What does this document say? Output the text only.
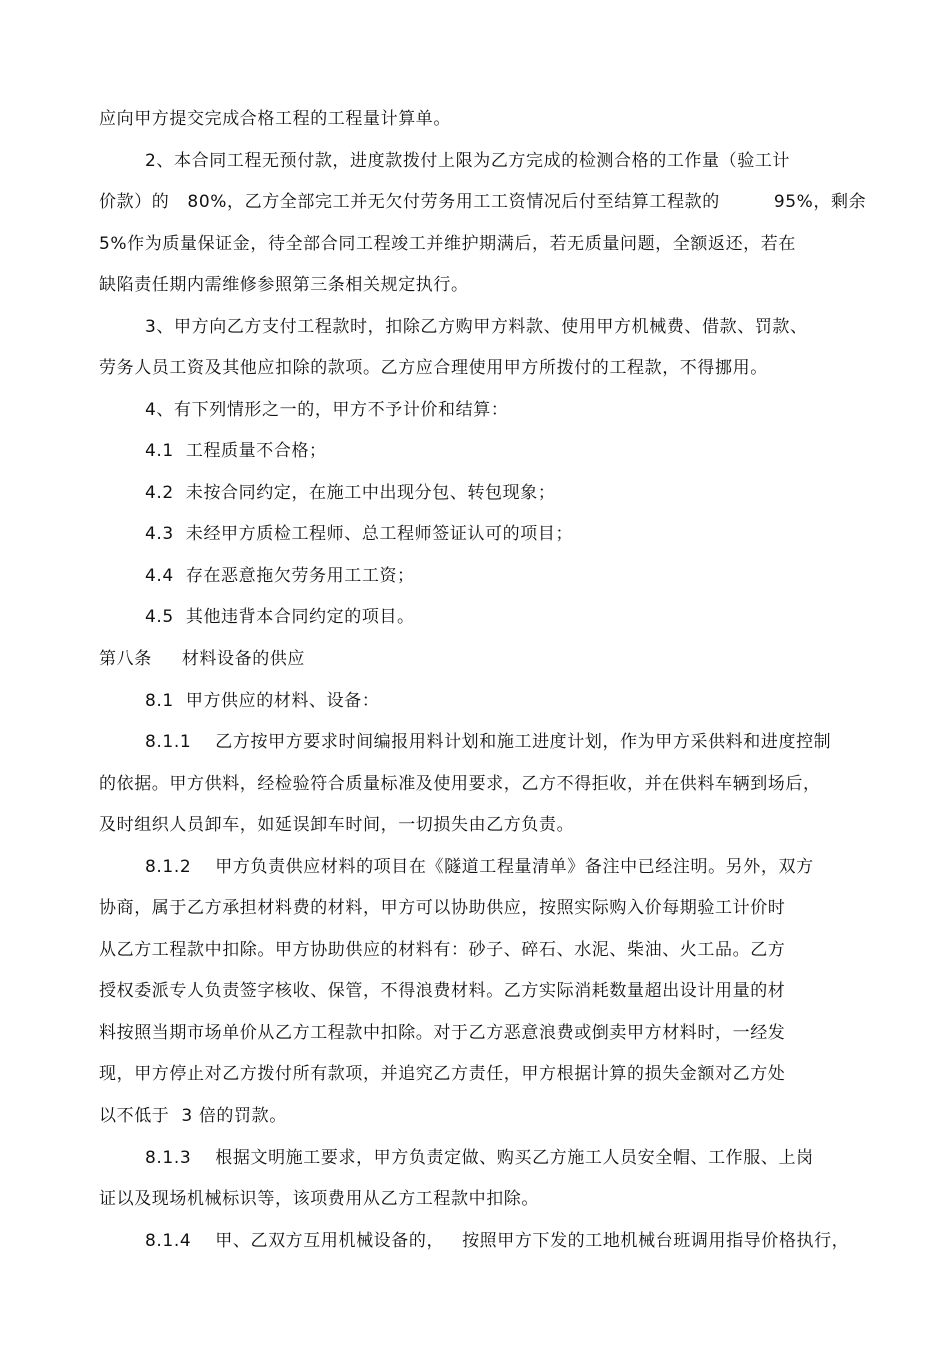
应向甲方提交完成合格工程的工程量计算单。
2、本合同工程无预付款，进度款拨付上限为乙方完成的检测合格的工作量（验工计
价款）的   80%，乙方全部完工并无欠付劳务用工工资情况后付至结算工程款的         95%，剩余
5%作为质量保证金，待全部合同工程竣工并维护期满后，若无质量问题，全额返还，若在
缺陷责任期内需维修参照第三条相关规定执行。
3、甲方向乙方支付工程款时，扣除乙方购甲方料款、使用甲方机械费、借款、罚款、
劳务人员工资及其他应扣除的款项。乙方应合理使用甲方所拨付的工程款，不得挪用。
4、有下列情形之一的，甲方不予计价和结算：
4.1  工程质量不合格；
4.2  未按合同约定，在施工中出现分包、转包现象；
4.3  未经甲方质检工程师、总工程师签证认可的项目；
4.4  存在恶意拖欠劳务用工工资；
4.5  其他违背本合同约定的项目。
第八条     材料设备的供应
8.1  甲方供应的材料、设备：
8.1.1    乙方按甲方要求时间编报用料计划和施工进度计划，作为甲方采供料和进度控制
的依据。甲方供料，经检验符合质量标准及使用要求，乙方不得拒收，并在供料车辆到场后，
及时组织人员卸车，如延误卸车时间，一切损失由乙方负责。
8.1.2    甲方负责供应材料的项目在《隧道工程量清单》备注中已经注明。另外，双方
协商，属于乙方承担材料费的材料，甲方可以协助供应，按照实际购入价每期验工计价时
从乙方工程款中扣除。甲方协助供应的材料有：砂子、碎石、水泥、柴油、火工品。乙方
授权委派专人负责签字核收、保管，不得浪费材料。乙方实际消耗数量超出设计用量的材
料按照当期市场单价从乙方工程款中扣除。对于乙方恶意浪费或倒卖甲方材料时，一经发
现，甲方停止对乙方拨付所有款项，并追究乙方责任，甲方根据计算的损失金额对乙方处
以不低于  3 倍的罚款。
8.1.3    根据文明施工要求，甲方负责定做、购买乙方施工人员安全帽、工作服、上岗
证以及现场机械标识等，该项费用从乙方工程款中扣除。
8.1.4    甲、乙双方互用机械设备的，   按照甲方下发的工地机械台班调用指导价格执行，
